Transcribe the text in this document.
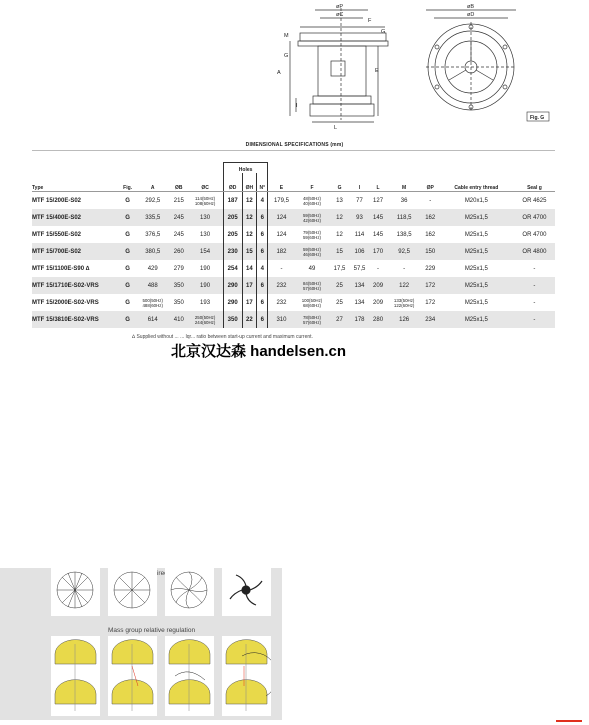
øP
øC
F
G
M
G
A	E
I
L
øB
øD
Fig. G
DIMENSIONAL SPECIFICATIONS (mm)
					Holes											
Type	Fig.	A	ØB	ØC	ØD	ØH	N°	E	F	G	I	L	M	ØP	Cable entry thread	Seal g
MTF 15/200E-S02	G	292,5	215	114(50Hz)
108(60Hz)	187	12	4	179,5	48(50Hz)
40(60Hz)	13	77	127	36	-	M20x1,5	OR 4625
MTF 15/400E-S02	G	335,5	245	130	205	12	6	124	59(50Hz)
42(60Hz)	12	93	145	118,5	162	M25x1,5	OR 4700
MTF 15/550E-S02	G	376,5	245	130	205	12	6	124	79(50Hz)
59(60Hz)	12	114	145	138,5	162	M25x1,5	OR 4700
MTF 15/700E-S02	G	380,5	260	154	230	15	6	182	59(50Hz)
46(60Hz)	15	106	170	92,5	150	M25x1,5	OR 4800
MTF 15/1100E-S90 ∆	G	429	279	190	254	14	4	-	49	17,5	57,5	-	-	229	M25x1,5	-
MTF 15/1710E-S02-VRS	G	488	350	190	290	17	6	232	84(50Hz)
57(60Hz)	25	134	209	122	172	M25x1,5	-
MTF 15/2000E-S02-VRS	G	500(50Hz)
488(60Hz)	350	193	290	17	6	232	100(50Hz)
68(60Hz)	25	134	209	133(50Hz)
122(60Hz)	172	M25x1,5	-
MTF 15/3810E-S02-VRS	G	614	410	250(50Hz)
244(60Hz)	350	22	6	310	78(50Hz)
57(60Hz)	27	178	280	126	234	M25x1,5	-
∆ Supplied without ... ... lqr... ratio between start-up current and maximum current.
北京汉达森 handelsen.cn
Mass group relative regulation
